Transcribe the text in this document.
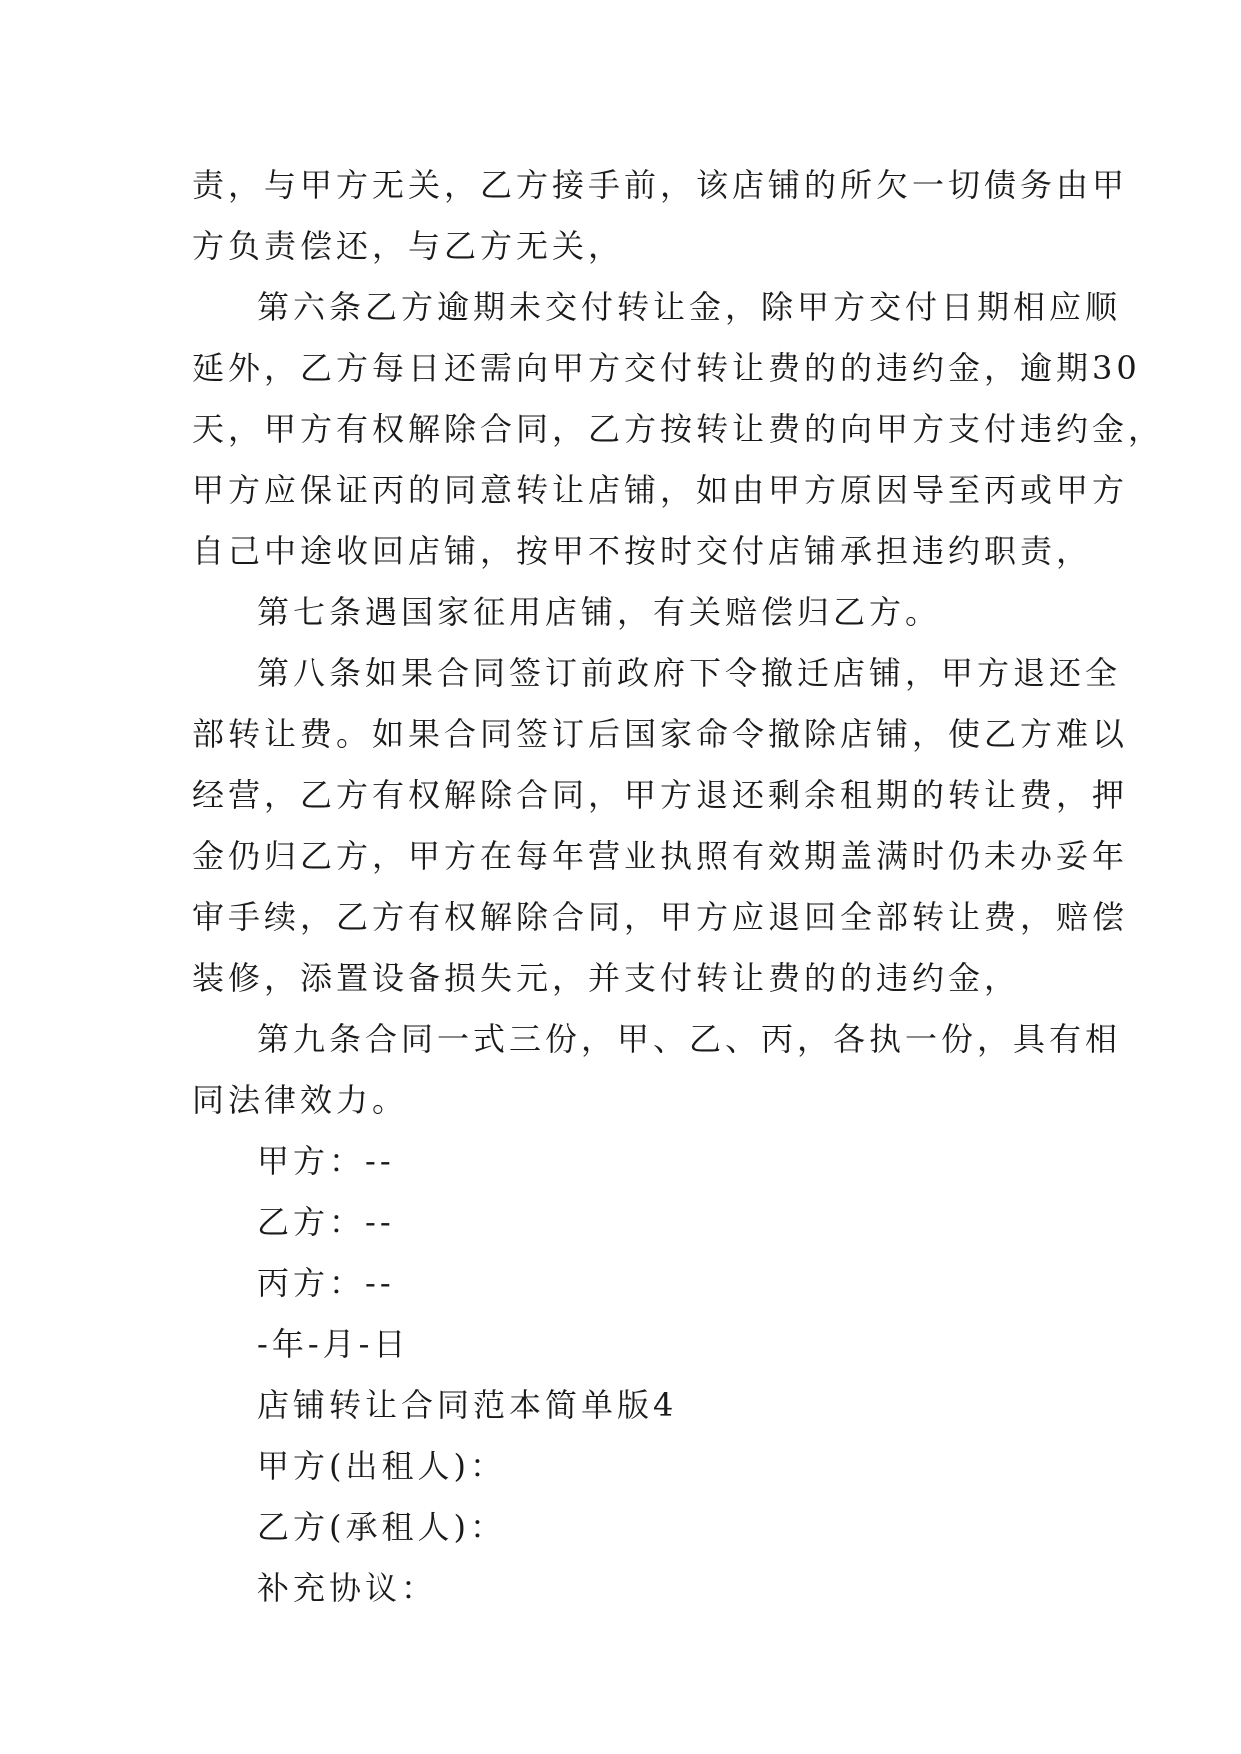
责，与甲方无关，乙方接手前，该店铺的所欠一切债务由甲
方负责偿还，与乙方无关，
第六条乙方逾期未交付转让金，除甲方交付日期相应顺
延外，乙方每日还需向甲方交付转让费的的违约金，逾期30
天，甲方有权解除合同，乙方按转让费的向甲方支付违约金，
甲方应保证丙的同意转让店铺，如由甲方原因导至丙或甲方
自己中途收回店铺，按甲不按时交付店铺承担违约职责，
第七条遇国家征用店铺，有关赔偿归乙方。
第八条如果合同签订前政府下令撤迁店铺，甲方退还全
部转让费。如果合同签订后国家命令撤除店铺，使乙方难以
经营，乙方有权解除合同，甲方退还剩余租期的转让费，押
金仍归乙方，甲方在每年营业执照有效期盖满时仍未办妥年
审手续，乙方有权解除合同，甲方应退回全部转让费，赔偿
装修，添置设备损失元，并支付转让费的的违约金，
第九条合同一式三份，甲、乙、丙，各执一份，具有相
同法律效力。
甲方：--
乙方：--
丙方：--
-年-月-日
店铺转让合同范本简单版4
甲方(出租人)：
乙方(承租人)：
补充协议：
